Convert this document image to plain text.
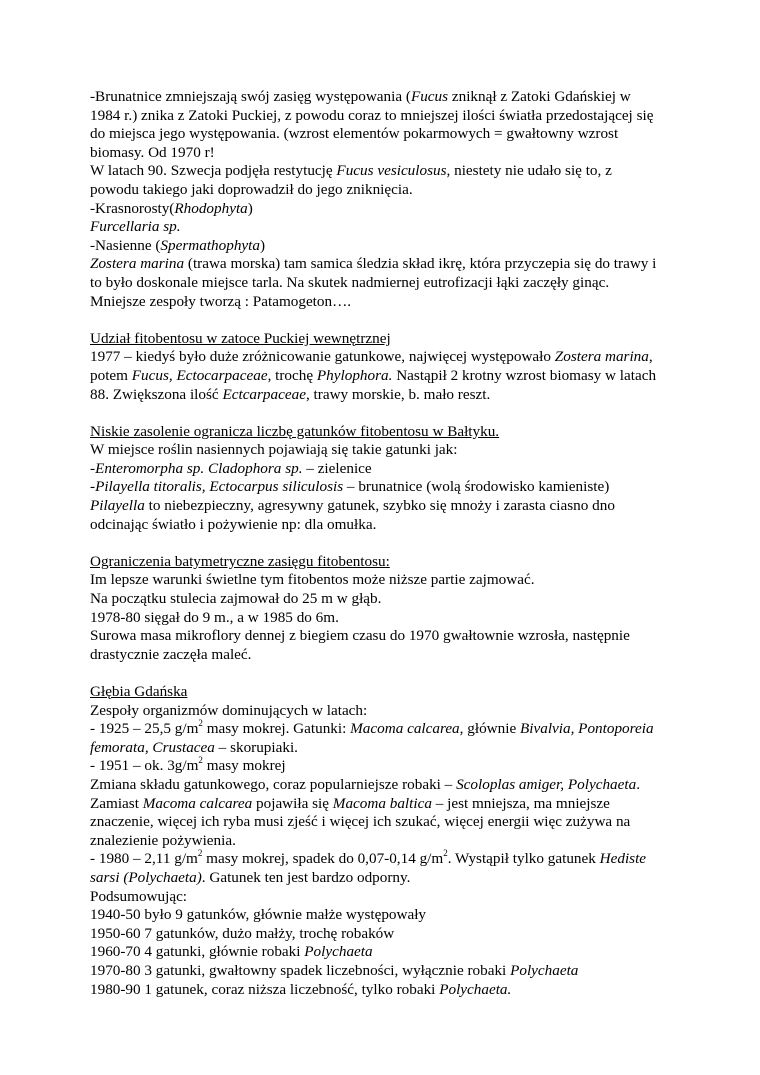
-Brunatnice zmniejszają swój zasięg występowania (Fucus zniknął z Zatoki Gdańskiej w
1984 r.) znika z Zatoki Puckiej, z powodu coraz to mniejszej ilości światła przedostającej się
do miejsca jego występowania. (wzrost elementów pokarmowych = gwałtowny wzrost
biomasy. Od 1970 r!
W latach 90. Szwecja podjęła restytucję Fucus vesiculosus, niestety nie udało się to, z
powodu takiego jaki doprowadził do jego zniknięcia.
-Krasnorosty(Rhodophyta)
Furcellaria sp.
-Nasienne (Spermathophyta)
Zostera marina (trawa morska) tam samica śledzia skład ikrę, która przyczepia się do trawy i
to było doskonale miejsce tarla. Na skutek nadmiernej eutrofizacji łąki zaczęły ginąc.
Mniejsze zespoły tworzą : Patamogeton….
Udział fitobentosu w zatoce Puckiej wewnętrznej
1977 – kiedyś było duże zróżnicowanie gatunkowe, najwięcej występowało Zostera marina,
potem Fucus, Ectocarpaceae, trochę Phylophora. Nastąpił 2 krotny wzrost biomasy w latach
88. Zwiększona ilość Ectcarpaceae, trawy morskie, b. mało reszt.
Niskie zasolenie ogranicza liczbę gatunków fitobentosu w Bałtyku.
W miejsce roślin nasiennych pojawiają się takie gatunki jak:
-Enteromorpha sp. Cladophora sp. – zielenice
-Pilayella titoralis, Ectocarpus siliculosis – brunatnice (wolą środowisko kamieniste)
Pilayella to niebezpieczny, agresywny gatunek, szybko się mnoży i zarasta ciasno dno
odcinając światło i pożywienie np: dla omułka.
Ograniczenia batymetryczne zasięgu fitobentosu:
Im lepsze warunki świetlne tym fitobentos może niższe partie zajmować.
Na początku stulecia zajmował do 25 m w głąb.
1978-80 sięgał do 9 m., a w 1985 do 6m.
Surowa masa mikroflory dennej z biegiem czasu do 1970 gwałtownie wzrosła, następnie
drastycznie zaczęła maleć.
Głębia Gdańska
Zespoły organizmów dominujących w latach:
- 1925 – 25,5 $g/m^2$ masy mokrej. Gatunki: Macoma calcarea, głównie Bivalvia, Pontoporeia
femorata, Crustacea – skorupiaki.
- 1951 – ok. $3g/m^2$ masy mokrej
Zmiana składu gatunkowego, coraz popularniejsze robaki – Scoloplas amiger, Polychaeta.
Zamiast Macoma calcarea pojawiła się Macoma baltica – jest mniejsza, ma mniejsze
znaczenie, więcej ich ryba musi zjeść i więcej ich szukać, więcej energii więc zużywa na
znalezienie pożywienia.
- 1980 – 2,11 $g/m^2$ masy mokrej, spadek do 0,07-0,14 $g/m^2$. Wystąpił tylko gatunek Hediste
sarsi (Polychaeta). Gatunek ten jest bardzo odporny.
Podsumowując:
1940-50 było 9 gatunków, głównie małże występowały
1950-60 7 gatunków, dużo małży, trochę robaków
1960-70 4 gatunki, głównie robaki Polychaeta
1970-80 3 gatunki, gwałtowny spadek liczebności, wyłącznie robaki Polychaeta
1980-90 1 gatunek, coraz niższa liczebność, tylko robaki Polychaeta.
